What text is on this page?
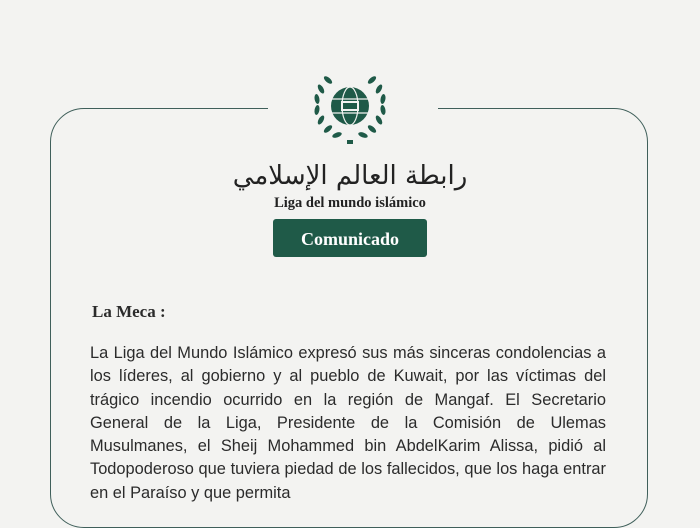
رابطة العالم الإسلامي
Liga del mundo islámico
Comunicado
La Meca :

La Liga del Mundo Islámico expresó sus más sinceras condolencias a los líderes, al gobierno y al pueblo de Kuwait, por las víctimas del trágico incendio ocurrido en la región de Mangaf. El Secretario General de la Liga, Presidente de la Comisión de Ulemas Musulmanes, el Sheij Mohammed bin AbdelKarim Alissa, pidió al Todopoderoso que tuviera piedad de los fallecidos, que los haga entrar en el Paraíso y que permita
